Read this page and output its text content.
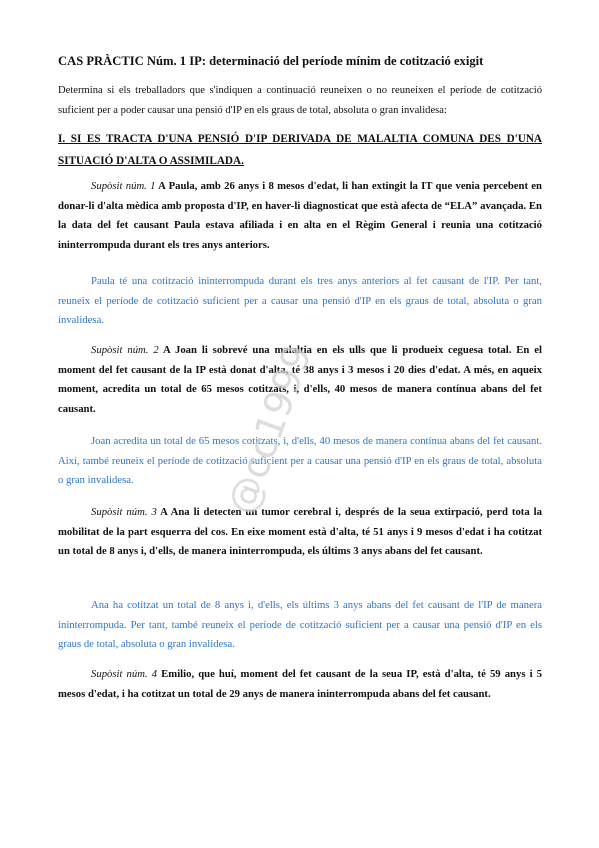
CAS PRÀCTIC Núm. 1 IP: determinació del període mínim de cotització exigit
Determina si els treballadors que s'indiquen a continuació reuneixen o no reuneixen el període de cotització suficient per a poder causar una pensió d'IP en els graus de total, absoluta o gran invalidesa:
I. SI ES TRACTA D'UNA PENSIÓ D'IP DERIVADA DE MALALTIA COMUNA DES D'UNA SITUACIÓ D'ALTA O ASSIMILADA.
Supòsit núm. 1 A Paula, amb 26 anys i 8 mesos d'edat, li han extingit la IT que venia percebent en donar-li d'alta mèdica amb proposta d'IP, en haver-li diagnosticat que està afecta de “ELA” avançada. En la data del fet causant Paula estava afiliada i en alta en el Règim General i reunia una cotització ininterrompuda durant els tres anys anteriors.
Paula té una cotització ininterrompuda durant els tres anys anteriors al fet causant de l'IP. Per tant, reuneix el període de cotització suficient per a causar una pensió d'IP en els graus de total, absoluta o gran invalidesa.
Supòsit núm. 2 A Joan li sobrevé una malaltia en els ulls que li produeix ceguesa total. En el moment del fet causant de la IP està donat d'alta, té 38 anys i 3 mesos i 20 dies d'edat. A més, en aqueix moment, acredita un total de 65 mesos cotitzats, i, d'ells, 40 mesos de manera contínua abans del fet causant.
Joan acredita un total de 65 mesos cotitzats, i, d'ells, 40 mesos de manera contínua abans del fet causant. Així, també reuneix el període de cotització suficient per a causar una pensió d'IP en els graus de total, absoluta o gran invalidesa.
Supòsit núm. 3 A Ana li detecten un tumor cerebral i, després de la seua extirpació, perd tota la mobilitat de la part esquerra del cos. En eixe moment està d'alta, té 51 anys i 9 mesos d'edat i ha cotitzat un total de 8 anys i, d'ells, de manera ininterrompuda, els últims 3 anys abans del fet causant.
Ana ha cotitzat un total de 8 anys i, d'ells, els últims 3 anys abans del fet causant de l'IP de manera ininterrompuda. Per tant, també reuneix el període de cotització suficient per a causar una pensió d'IP en els graus de total, absoluta o gran invalidesa.
Supòsit núm. 4 Emilio, que huí, moment del fet causant de la seua IP, està d'alta, té 59 anys i 5 mesos d'edat, i ha cotitzat un total de 29 anys de manera ininterrompuda abans del fet causant.
@cc1999
